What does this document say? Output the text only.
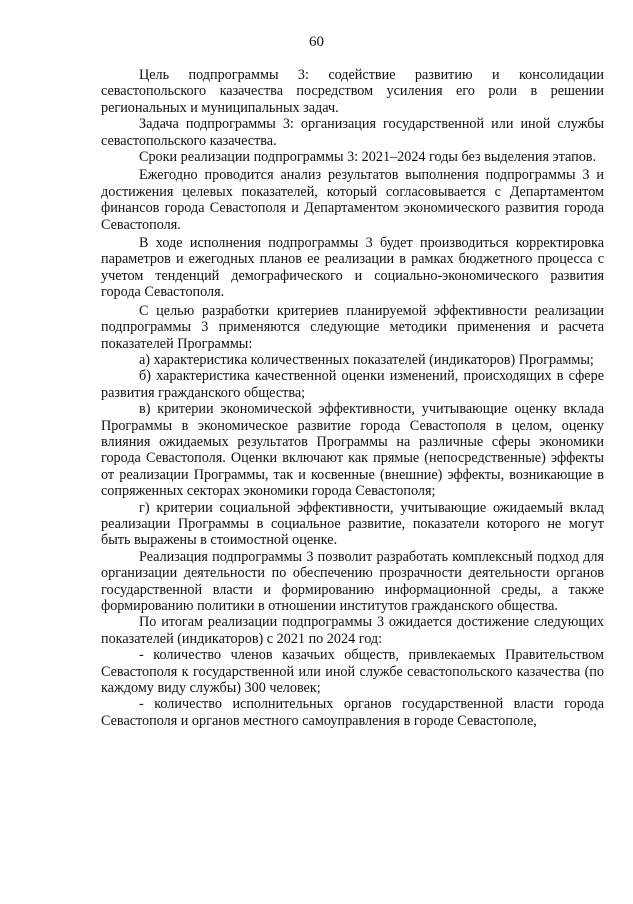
60

Цель подпрограммы 3: содействие развитию и консолидации севастопольского казачества посредством усиления его роли в решении региональных и муниципальных задач.

Задача подпрограммы 3: организация государственной или иной службы севастопольского казачества.

Сроки реализации подпрограммы 3: 2021–2024 годы без выделения этапов.

Ежегодно проводится анализ результатов выполнения подпрограммы 3 и достижения целевых показателей, который согласовывается с Департаментом финансов города Севастополя и Департаментом экономического развития города Севастополя.

В ходе исполнения подпрограммы 3 будет производиться корректировка параметров и ежегодных планов ее реализации в рамках бюджетного процесса с учетом тенденций демографического и социально-экономического развития города Севастополя.

С целью разработки критериев планируемой эффективности реализации подпрограммы 3 применяются следующие методики применения и расчета показателей Программы:

а) характеристика количественных показателей (индикаторов) Программы;

б) характеристика качественной оценки изменений, происходящих в сфере развития гражданского общества;

в) критерии экономической эффективности, учитывающие оценку вклада Программы в экономическое развитие города Севастополя в целом, оценку влияния ожидаемых результатов Программы на различные сферы экономики города Севастополя. Оценки включают как прямые (непосредственные) эффекты от реализации Программы, так и косвенные (внешние) эффекты, возникающие в сопряженных секторах экономики города Севастополя;

г) критерии социальной эффективности, учитывающие ожидаемый вклад реализации Программы в социальное развитие, показатели которого не могут быть выражены в стоимостной оценке.

Реализация подпрограммы 3 позволит разработать комплексный подход для организации деятельности по обеспечению прозрачности деятельности органов государственной власти и формированию информационной среды, а также формированию политики в отношении институтов гражданского общества.

По итогам реализации подпрограммы 3 ожидается достижение следующих показателей (индикаторов) с 2021 по 2024 год:

- количество членов казачьих обществ, привлекаемых Правительством Севастополя к государственной или иной службе севастопольского казачества (по каждому виду службы) 300 человек;

- количество исполнительных органов государственной власти города Севастополя и органов местного самоуправления в городе Севастополе,
